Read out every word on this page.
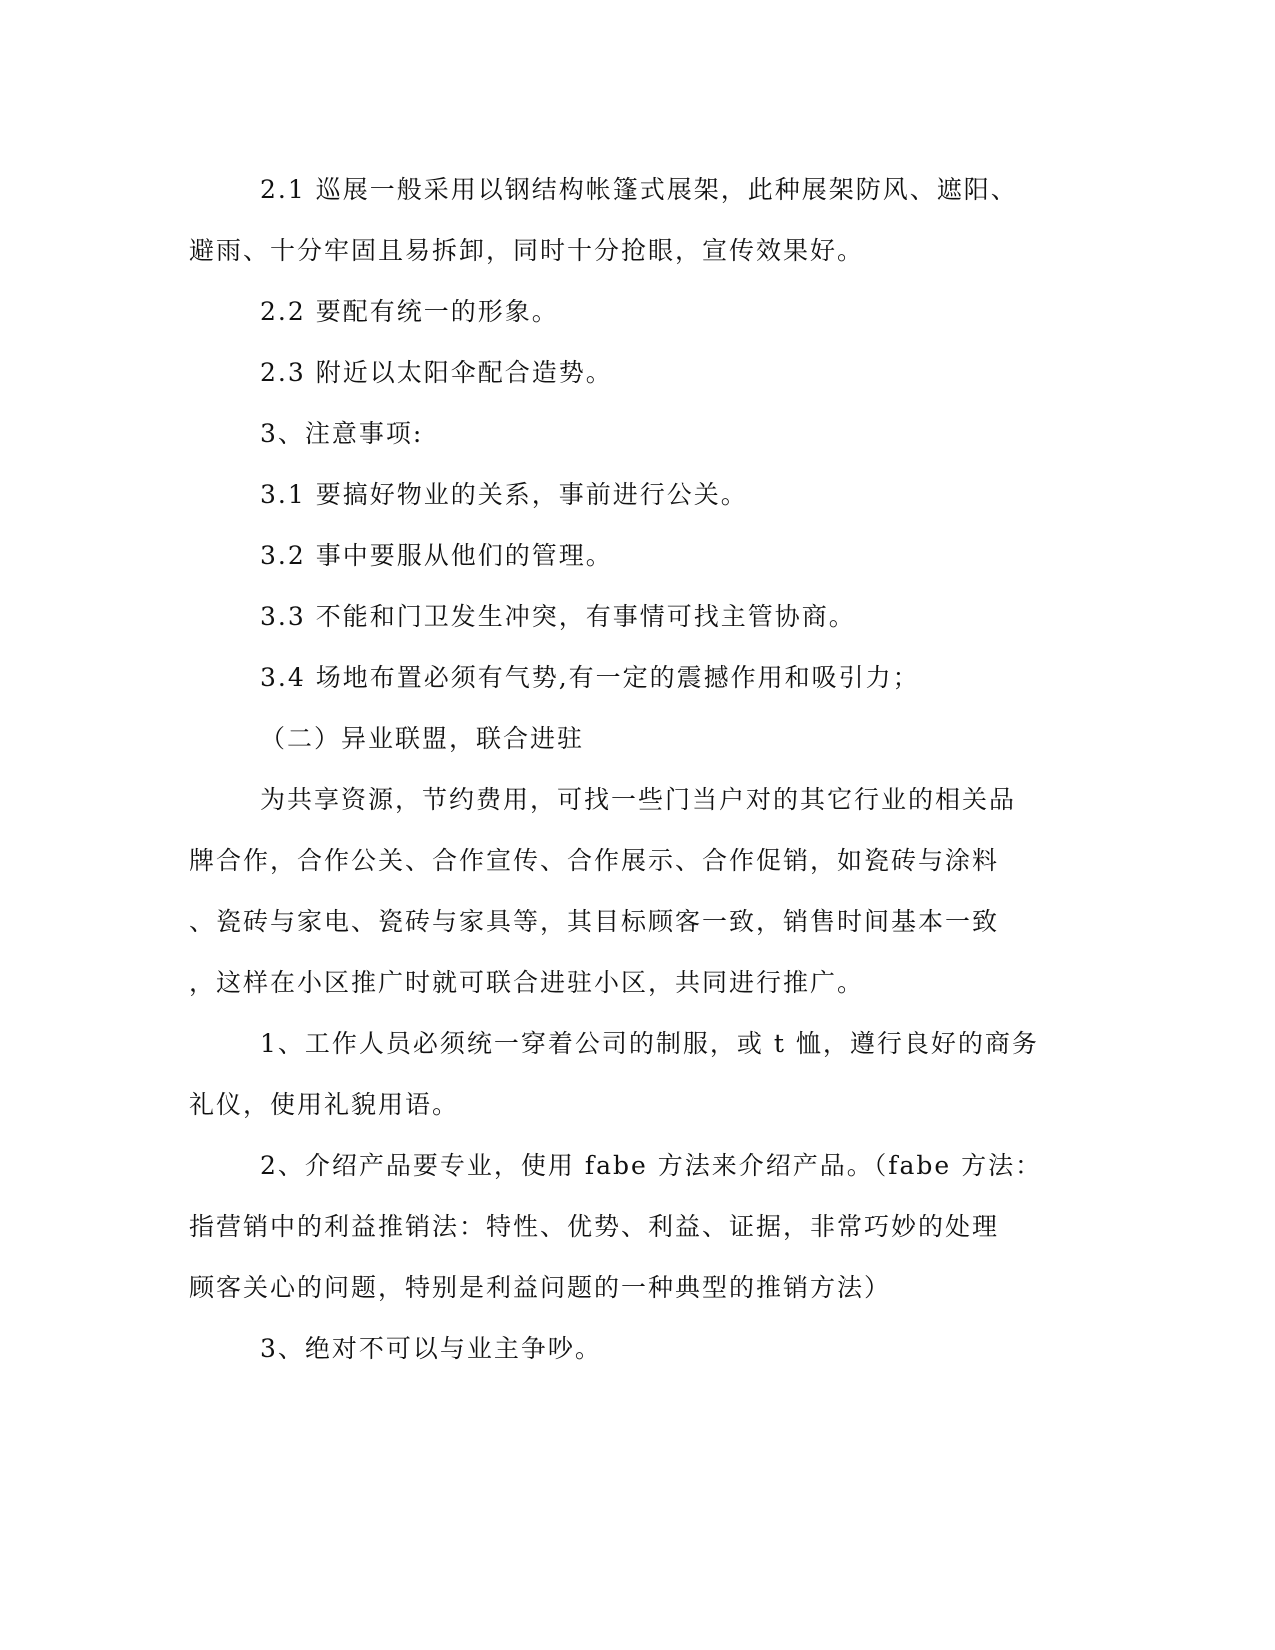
2.1 巡展一般采用以钢结构帐篷式展架，此种展架防风、遮阳、

避雨、十分牢固且易拆卸，同时十分抢眼，宣传效果好。

2.2 要配有统一的形象。

2.3 附近以太阳伞配合造势。

3、注意事项:

3.1 要搞好物业的关系，事前进行公关。

3.2 事中要服从他们的管理。

3.3 不能和门卫发生冲突，有事情可找主管协商。

3.4 场地布置必须有气势,有一定的震撼作用和吸引力；

（二）异业联盟，联合进驻

为共享资源，节约费用，可找一些门当户对的其它行业的相关品

牌合作，合作公关、合作宣传、合作展示、合作促销，如瓷砖与涂料

、瓷砖与家电、瓷砖与家具等，其目标顾客一致，销售时间基本一致

，这样在小区推广时就可联合进驻小区，共同进行推广。

1、工作人员必须统一穿着公司的制服，或 t 恤，遵行良好的商务

礼仪，使用礼貌用语。

2、介绍产品要专业，使用 fabe 方法来介绍产品。（fabe 方法：

指营销中的利益推销法：特性、优势、利益、证据，非常巧妙的处理

顾客关心的问题，特别是利益问题的一种典型的推销方法）

3、绝对不可以与业主争吵。
